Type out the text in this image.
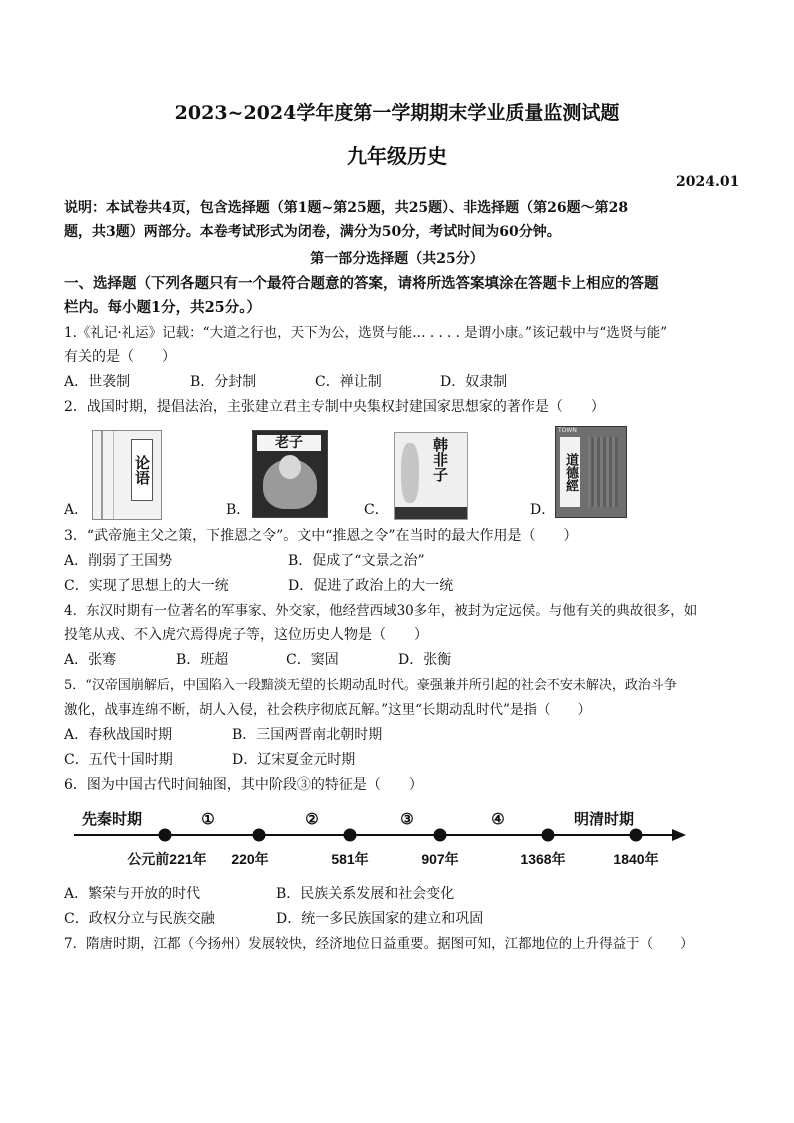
2023~2024学年度第一学期期末学业质量监测试题
九年级历史
2024.01
说明：本试卷共4页，包含选择题（第1题~第25题，共25题）、非选择题（第26题～第28
题，共3题）两部分。本卷考试形式为闭卷，满分为50分，考试时间为60分钟。
第一部分选择题（共25分）
一、选择题（下列各题只有一个最符合题意的答案，请将所选答案填涂在答题卡上相应的答题
栏内。每小题1分，共25分。）
1.《礼记·礼运》记载：“大道之行也，天下为公，选贤与能… . . . . 是谓小康。”该记载中与“选贤与能”
有关的是（　　）
A．世袭制	B．分封制	C．禅让制	D．奴隶制
2．战国时期，提倡法治，主张建立君主专制中央集权封建国家思想家的著作是（　　）
A．
论语
B．
老子
C．
韩非子
D．
TOWN
道德經
3．“武帝施主父之策，下推恩之令”。文中“推恩之令”在当时的最大作用是（　　）
A．削弱了王国势	B．促成了“文景之治”
C．实现了思想上的大一统	D．促进了政治上的大一统
4．东汉时期有一位著名的军事家、外交家，他经营西域30多年，被封为定远侯。与他有关的典故很多，如
投笔从戎、不入虎穴焉得虎子等，这位历史人物是（　　）
A．张骞	B．班超	C．窦固	D．张衡
5．“汉帝国崩解后，中国陷入一段黯淡无望的长期动乱时代。豪强兼并所引起的社会不安未解决，政治斗争
激化，战事连绵不断，胡人入侵，社会秩序彻底瓦解。”这里“长期动乱时代”是指（　　）
A．春秋战国时期	B．三国两晋南北朝时期
C．五代十国时期	D．辽宋夏金元时期
6．图为中国古代时间轴图，其中阶段③的特征是（　　）
先秦时期	①	②	③	④	明清时期
公元前221年 220年	581年	907年	1368年	1840年
A．繁荣与开放的时代	B．民族关系发展和社会变化
C．政权分立与民族交融	D．统一多民族国家的建立和巩固
7．隋唐时期，江都（今扬州）发展较快，经济地位日益重要。据图可知，江都地位的上升得益于（　　）
